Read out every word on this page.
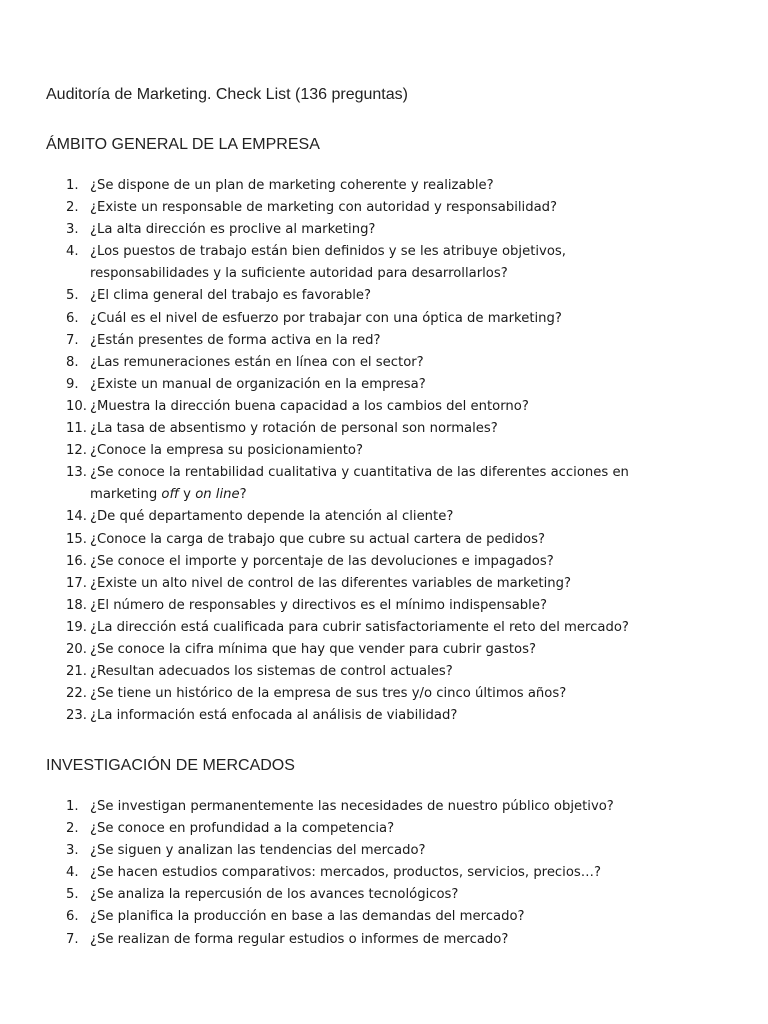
Auditoría de Marketing. Check List (136 preguntas)
ÁMBITO GENERAL DE LA EMPRESA
1. ¿Se dispone de un plan de marketing coherente y realizable?
2. ¿Existe un responsable de marketing con autoridad y responsabilidad?
3. ¿La alta dirección es proclive al marketing?
4. ¿Los puestos de trabajo están bien definidos y se les atribuye objetivos,
responsabilidades y la suficiente autoridad para desarrollarlos?
5. ¿El clima general del trabajo es favorable?
6. ¿Cuál es el nivel de esfuerzo por trabajar con una óptica de marketing?
7. ¿Están presentes de forma activa en la red?
8. ¿Las remuneraciones están en línea con el sector?
9. ¿Existe un manual de organización en la empresa?
10. ¿Muestra la dirección buena capacidad a los cambios del entorno?
11. ¿La tasa de absentismo y rotación de personal son normales?
12. ¿Conoce la empresa su posicionamiento?
13. ¿Se conoce la rentabilidad cualitativa y cuantitativa de las diferentes acciones en
marketing off y on line?
14. ¿De qué departamento depende la atención al cliente?
15. ¿Conoce la carga de trabajo que cubre su actual cartera de pedidos?
16. ¿Se conoce el importe y porcentaje de las devoluciones e impagados?
17. ¿Existe un alto nivel de control de las diferentes variables de marketing?
18. ¿El número de responsables y directivos es el mínimo indispensable?
19. ¿La dirección está cualificada para cubrir satisfactoriamente el reto del mercado?
20. ¿Se conoce la cifra mínima que hay que vender para cubrir gastos?
21. ¿Resultan adecuados los sistemas de control actuales?
22. ¿Se tiene un histórico de la empresa de sus tres y/o cinco últimos años?
23. ¿La información está enfocada al análisis de viabilidad?
INVESTIGACIÓN DE MERCADOS
1. ¿Se investigan permanentemente las necesidades de nuestro público objetivo?
2. ¿Se conoce en profundidad a la competencia?
3. ¿Se siguen y analizan las tendencias del mercado?
4. ¿Se hacen estudios comparativos: mercados, productos, servicios, precios…?
5. ¿Se analiza la repercusión de los avances tecnológicos?
6. ¿Se planifica la producción en base a las demandas del mercado?
7. ¿Se realizan de forma regular estudios o informes de mercado?
